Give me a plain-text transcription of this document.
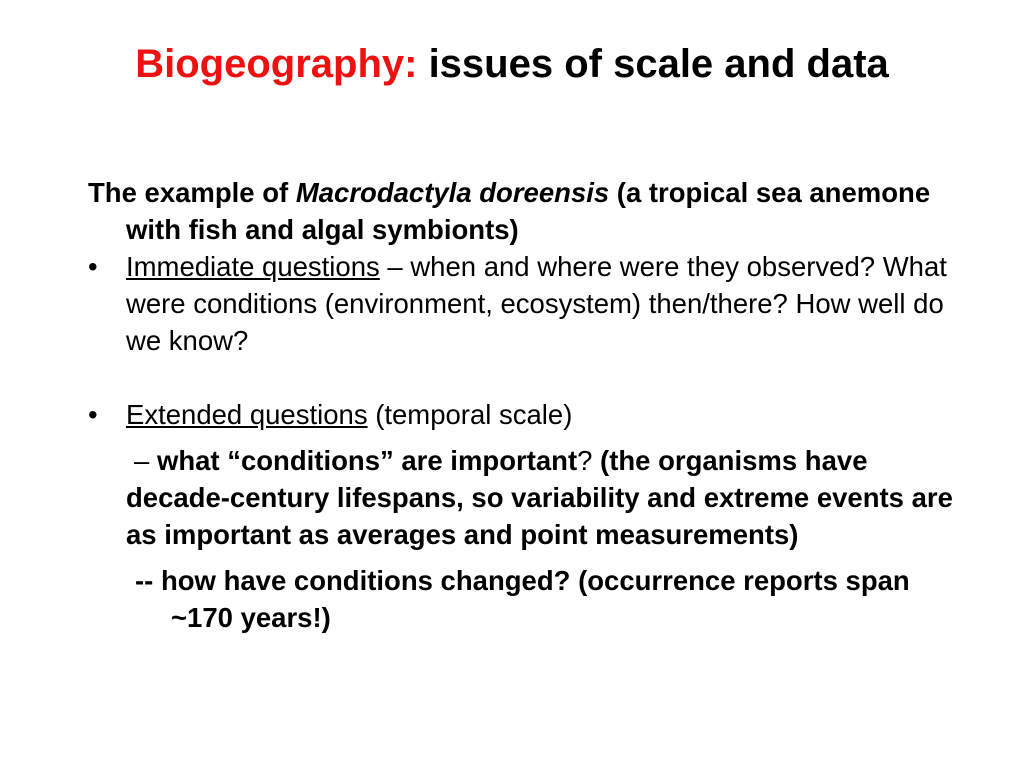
Biogeography: issues of scale and data

The example of Macrodactyla doreensis (a tropical sea anemone with fish and algal symbionts)

•	Immediate questions – when and where were they observed? What were conditions (environment, ecosystem) then/there? How well do we know?
•	Extended questions (temporal scale)
– what “conditions” are important? (the organisms have decade-century lifespans, so variability and extreme events are as important as averages and point measurements)
-- how have conditions changed? (occurrence reports span ~170 years!)
